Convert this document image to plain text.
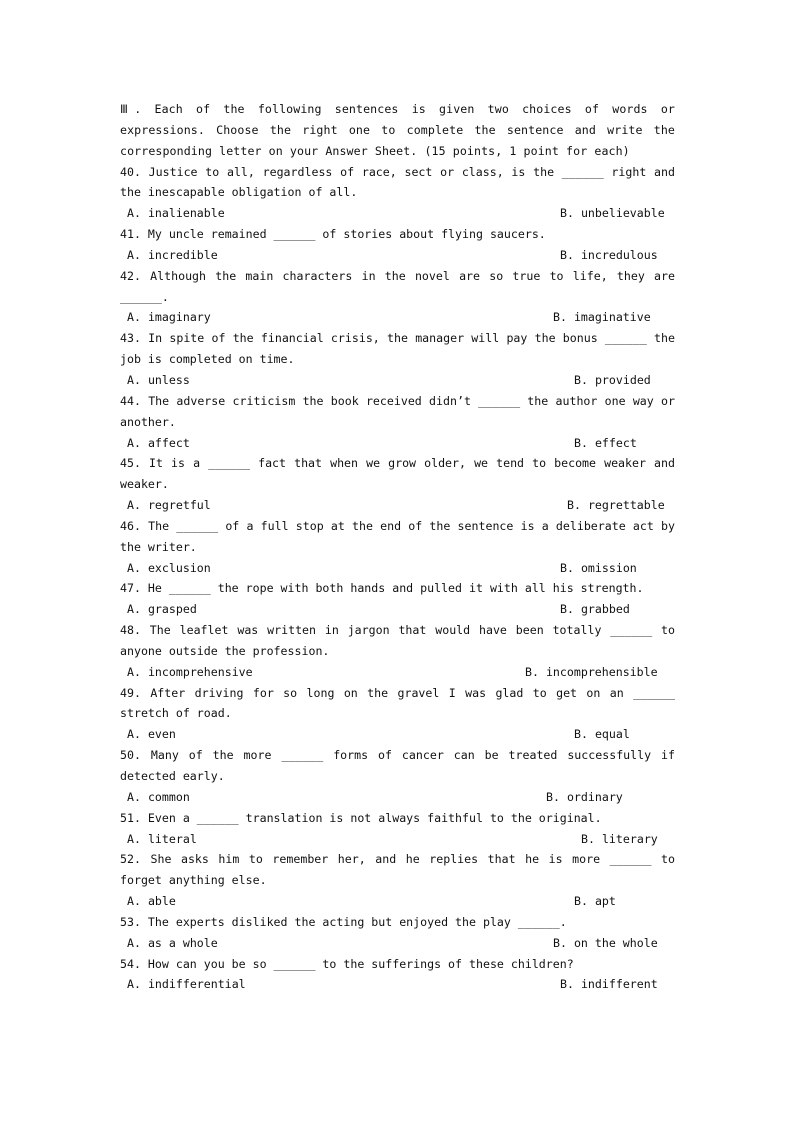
Ⅲ. Each of the following sentences is given two choices of words or expressions. Choose the right one to complete the sentence and write the corresponding letter on your Answer Sheet. (15 points, 1 point for each)

40. Justice to all, regardless of race, sect or class, is the ______ right and the inescapable obligation of all.

A. inalienable	B. unbelievable

41. My uncle remained ______ of stories about flying saucers.

A. incredible	B. incredulous

42. Although the main characters in the novel are so true to life, they are ______.

A. imaginary	B. imaginative

43. In spite of the financial crisis, the manager will pay the bonus ______ the job is completed on time.

A. unless	B. provided

44. The adverse criticism the book received didn’t ______ the author one way or another.

A. affect	B. effect

45. It is a ______ fact that when we grow older, we tend to become weaker and weaker.

A. regretful	B. regrettable

46. The ______ of a full stop at the end of the sentence is a deliberate act by the writer.

A. exclusion	B. omission

47. He ______ the rope with both hands and pulled it with all his strength.

A. grasped	B. grabbed

48. The leaflet was written in jargon that would have been totally ______ to anyone outside the profession.

A. incomprehensive	B. incomprehensible

49. After driving for so long on the gravel I was glad to get on an ______ stretch of road.

A. even	B. equal

50. Many of the more ______ forms of cancer can be treated successfully if detected early.

A. common	B. ordinary

51. Even a ______ translation is not always faithful to the original.

A. literal	B. literary

52. She asks him to remember her, and he replies that he is more ______ to forget anything else.

A. able	B. apt

53. The experts disliked the acting but enjoyed the play ______.

A. as a whole	B. on the whole

54. How can you be so ______ to the sufferings of these children?

A. indifferential	B. indifferent
